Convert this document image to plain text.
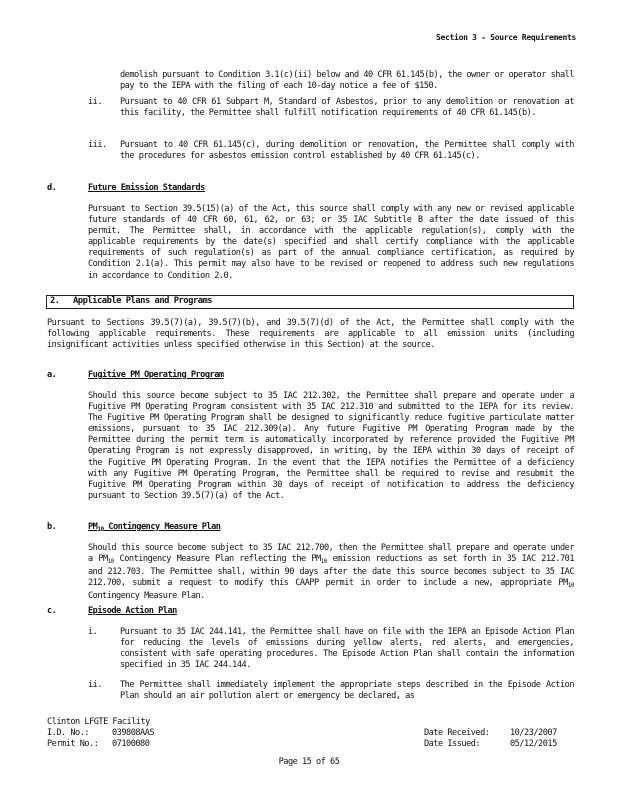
Section 3 - Source Requirements
demolish pursuant to Condition 3.1(c)(ii) below and 40 CFR 61.145(b), the owner or operator shall pay to the IEPA with the filing of each 10-day notice a fee of $150.
ii. Pursuant to 40 CFR 61 Subpart M, Standard of Asbestos, prior to any demolition or renovation at this facility, the Permittee shall fulfill notification requirements of 40 CFR 61.145(b).
iii. Pursuant to 40 CFR 61.145(c), during demolition or renovation, the Permittee shall comply with the procedures for asbestos emission control established by 40 CFR 61.145(c).
d.	Future Emission Standards
Pursuant to Section 39.5(15)(a) of the Act, this source shall comply with any new or revised applicable future standards of 40 CFR 60, 61, 62, or 63; or 35 IAC Subtitle B after the date issued of this permit. The Permittee shall, in accordance with the applicable regulation(s), comply with the applicable requirements by the date(s) specified and shall certify compliance with the applicable requirements of such regulation(s) as part of the annual compliance certification, as required by Condition 2.1(a). This permit may also have to be revised or reopened to address such new regulations in accordance to Condition 2.0.
2. Applicable Plans and Programs
Pursuant to Sections 39.5(7)(a), 39.5(7)(b), and 39.5(7)(d) of the Act, the Permittee shall comply with the following applicable requirements. These requirements are applicable to all emission units (including insignificant activities unless specified otherwise in this Section) at the source.
a.	Fugitive PM Operating Program
Should this source become subject to 35 IAC 212.302, the Permittee shall prepare and operate under a Fugitive PM Operating Program consistent with 35 IAC 212.310 and submitted to the IEPA for its review. The Fugitive PM Operating Program shall be designed to significantly reduce fugitive particulate matter emissions, pursuant to 35 IAC 212.309(a). Any future Fugitive PM Operating Program made by the Permittee during the permit term is automatically incorporated by reference provided the Fugitive PM Operating Program is not expressly disapproved, in writing, by the IEPA within 30 days of receipt of the Fugitive PM Operating Program. In the event that the IEPA notifies the Permittee of a deficiency with any Fugitive PM Operating Program, the Permittee shall be required to revise and resubmit the Fugitive PM Operating Program within 30 days of receipt of notification to address the deficiency pursuant to Section 39.5(7)(a) of the Act.
b.	$PM_{10}$ Contingency Measure Plan
Should this source become subject to 35 IAC 212.700, then the Permittee shall prepare and operate under a $PM_{10}$ Contingency Measure Plan reflecting the $PM_{10}$ emission reductions as set forth in 35 IAC 212.701 and 212.703. The Permittee shall, within 90 days after the date this source becomes subject to 35 IAC 212.700, submit a request to modify this CAAPP permit in order to include a new, appropriate $PM_{10}$ Contingency Measure Plan.
c.	Episode Action Plan
i.	Pursuant to 35 IAC 244.141, the Permittee shall have on file with the IEPA an Episode Action Plan for reducing the levels of emissions during yellow alerts, red alerts, and emergencies, consistent with safe operating procedures. The Episode Action Plan shall contain the information specified in 35 IAC 244.144.
ii. The Permittee shall immediately implement the appropriate steps described in the Episode Action Plan should an air pollution alert or emergency be declared, as
Clinton LFGTE Facility
I.D. No.:	039808AAS
Permit No.: 07100080
Date Received: 10/23/2007
Date Issued:	05/12/2015
Page 15 of 65
